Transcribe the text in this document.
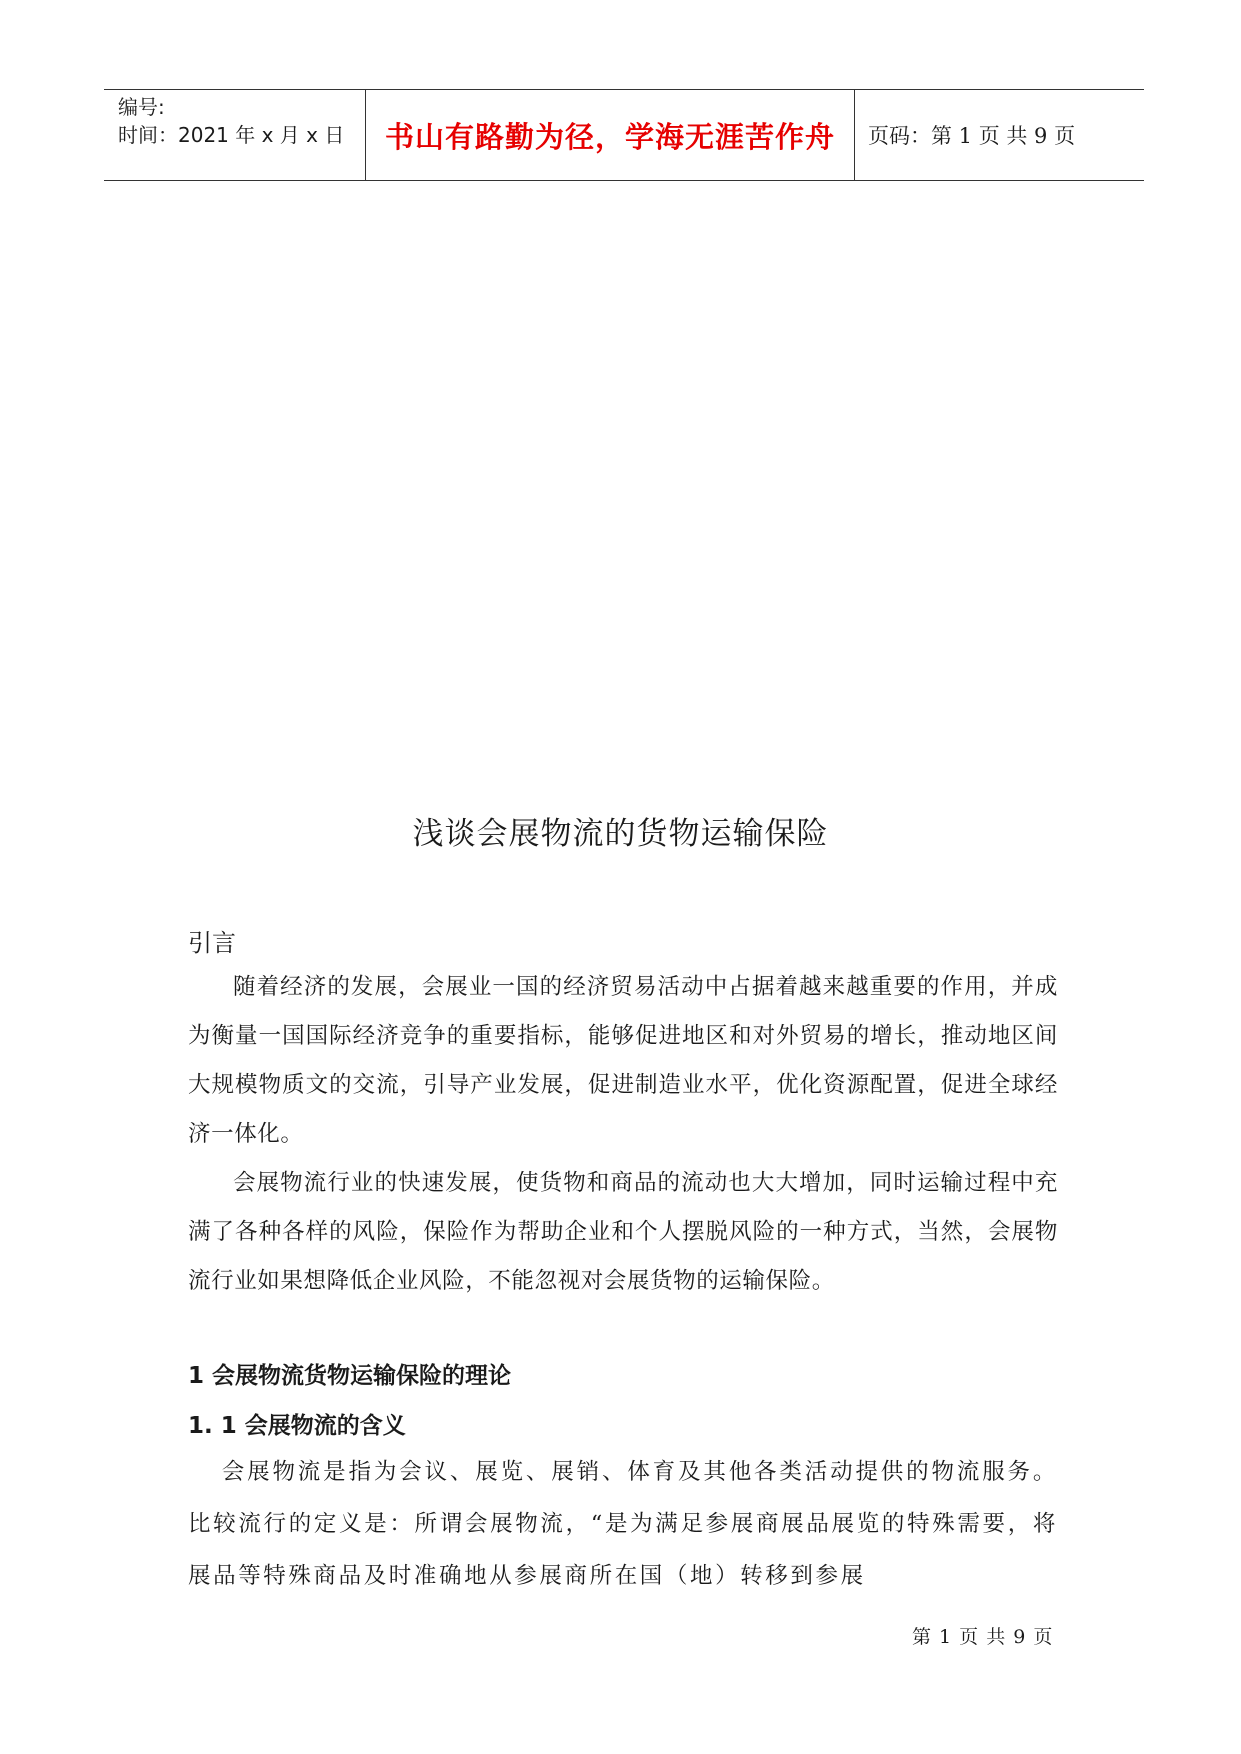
编号:
时间：2021 年 x 月 x 日	书山有路勤为径，学海无涯苦作舟	页码：第 1 页 共 9 页
浅谈会展物流的货物运输保险
引言

随着经济的发展，会展业一国的经济贸易活动中占据着越来越重要的作用，并成为衡量一国国际经济竞争的重要指标，能够促进地区和对外贸易的增长，推动地区间大规模物质文的交流，引导产业发展，促进制造业水平，优化资源配置，促进全球经济一体化。

会展物流行业的快速发展，使货物和商品的流动也大大增加，同时运输过程中充满了各种各样的风险，保险作为帮助企业和个人摆脱风险的一种方式，当然，会展物流行业如果想降低企业风险，不能忽视对会展货物的运输保险。

1 会展物流货物运输保险的理论
1. 1 会展物流的含义

会展物流是指为会议、展览、展销、体育及其他各类活动提供的物流服务。比较流行的定义是：所谓会展物流，“是为满足参展商展品展览的特殊需要，将展品等特殊商品及时准确地从参展商所在国（地）转移到参展

第 1 页 共 9 页
